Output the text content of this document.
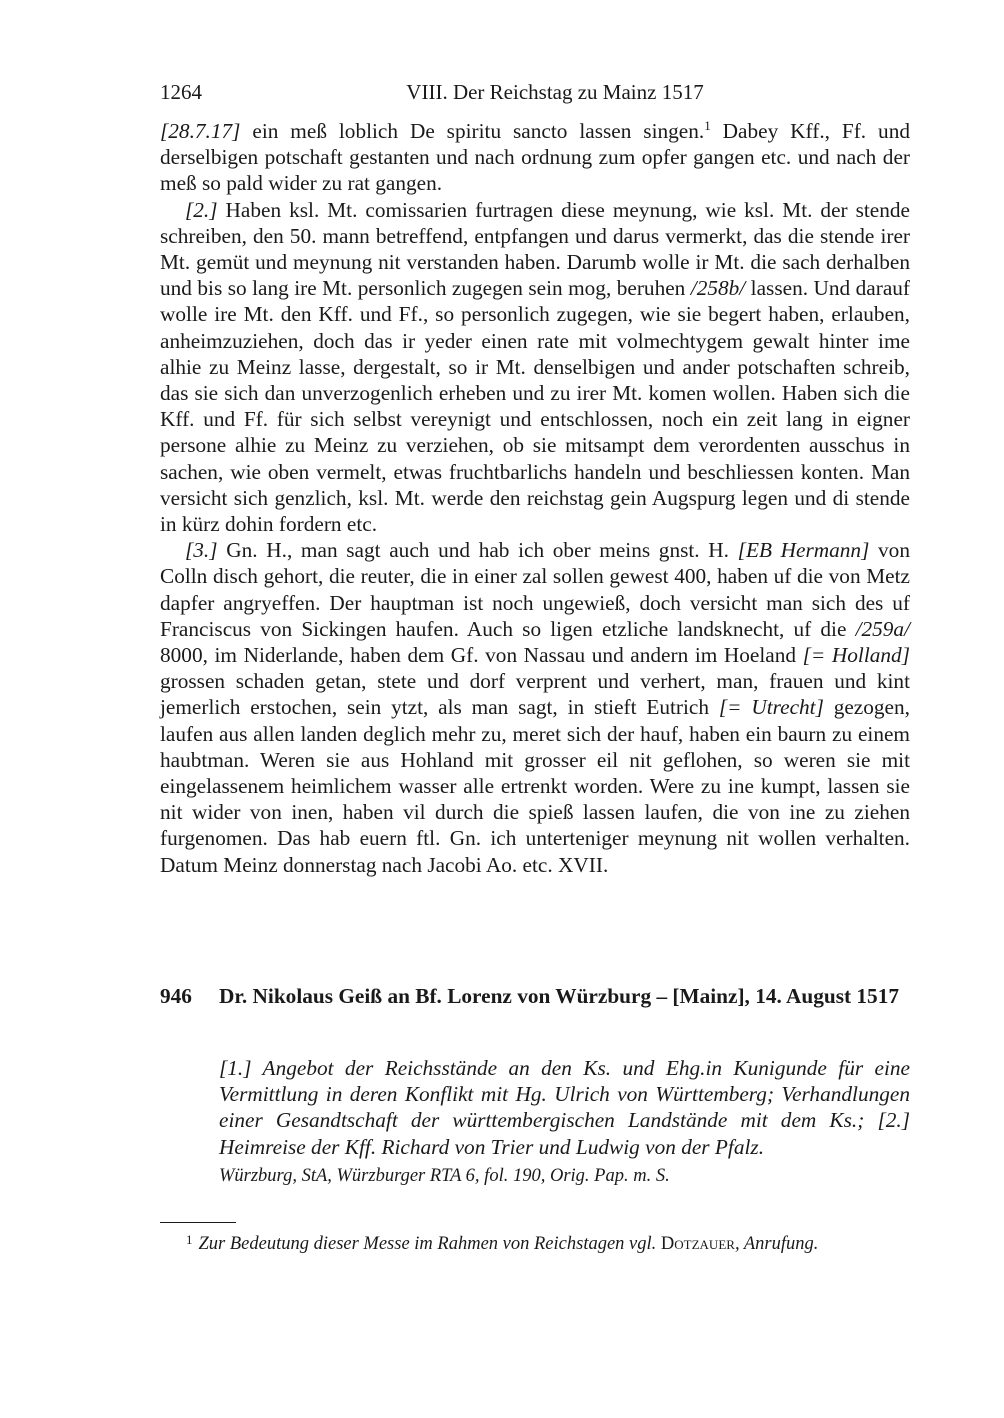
1264	VIII. Der Reichstag zu Mainz 1517

[28.7.17] ein meß loblich De spiritu sancto lassen singen.$^1$ Dabey Kff., Ff. und derselbigen potschaft gestanten und nach ordnung zum opfer gangen etc. und nach der meß so pald wider zu rat gangen.

[2.] Haben ksl. Mt. comissarien furtragen diese meynung, wie ksl. Mt. der stende schreiben, den 50. mann betreffend, entpfangen und darus vermerkt, das die stende irer Mt. gemüt und meynung nit verstanden haben. Darumb wolle ir Mt. die sach derhalben und bis so lang ire Mt. personlich zugegen sein mog, beruhen /258b/ lassen. Und darauf wolle ire Mt. den Kff. und Ff., so personlich zugegen, wie sie begert haben, erlauben, anheimzuziehen, doch das ir yeder einen rate mit volmechtygem gewalt hinter ime alhie zu Meinz lasse, dergestalt, so ir Mt. denselbigen und ander potschaften schreib, das sie sich dan unverzogenlich erheben und zu irer Mt. komen wollen. Haben sich die Kff. und Ff. für sich selbst vereynigt und entschlossen, noch ein zeit lang in eigner persone alhie zu Meinz zu verziehen, ob sie mitsampt dem verordenten ausschus in sachen, wie oben vermelt, etwas fruchtbarlichs handeln und beschliessen konten. Man versicht sich genzlich, ksl. Mt. werde den reichstag gein Augspurg legen und di stende in kürz dohin fordern etc.

[3.] Gn. H., man sagt auch und hab ich ober meins gnst. H. [EB Hermann] von Colln disch gehort, die reuter, die in einer zal sollen gewest 400, haben uf die von Metz dapfer angryeffen. Der hauptman ist noch ungewieß, doch versicht man sich des uf Franciscus von Sickingen haufen. Auch so ligen etzliche landsknecht, uf die /259a/ 8000, im Niderlande, haben dem Gf. von Nassau und andern im Hoeland [= Holland] grossen schaden getan, stete und dorf verprent und verhert, man, frauen und kint jemerlich erstochen, sein ytzt, als man sagt, in stieft Eutrich [= Utrecht] gezogen, laufen aus allen landen deglich mehr zu, meret sich der hauf, haben ein baurn zu einem haubtman. Weren sie aus Hohland mit grosser eil nit geflohen, so weren sie mit eingelassenem heimlichem wasser alle ertrenkt worden. Were zu ine kumpt, lassen sie nit wider von inen, haben vil durch die spieß lassen laufen, die von ine zu ziehen furgenomen. Das hab euern ftl. Gn. ich unterteniger meynung nit wollen verhalten. Datum Meinz donnerstag nach Jacobi Ao. etc. XVII.

946	Dr. Nikolaus Geiß an Bf. Lorenz von Würzburg – [Mainz], 14. August 1517
[1.] Angebot der Reichsstände an den Ks. und Ehg.in Kunigunde für eine Vermittlung in deren Konflikt mit Hg. Ulrich von Württemberg; Verhandlungen einer Gesandtschaft der württembergischen Landstände mit dem Ks.; [2.] Heimreise der Kff. Richard von Trier und Ludwig von der Pfalz.
Würzburg, StA, Würzburger RTA 6, fol. 190, Orig. Pap. m. S.
$^1$ Zur Bedeutung dieser Messe im Rahmen von Reichstagen vgl. Dotzauer, Anrufung.
